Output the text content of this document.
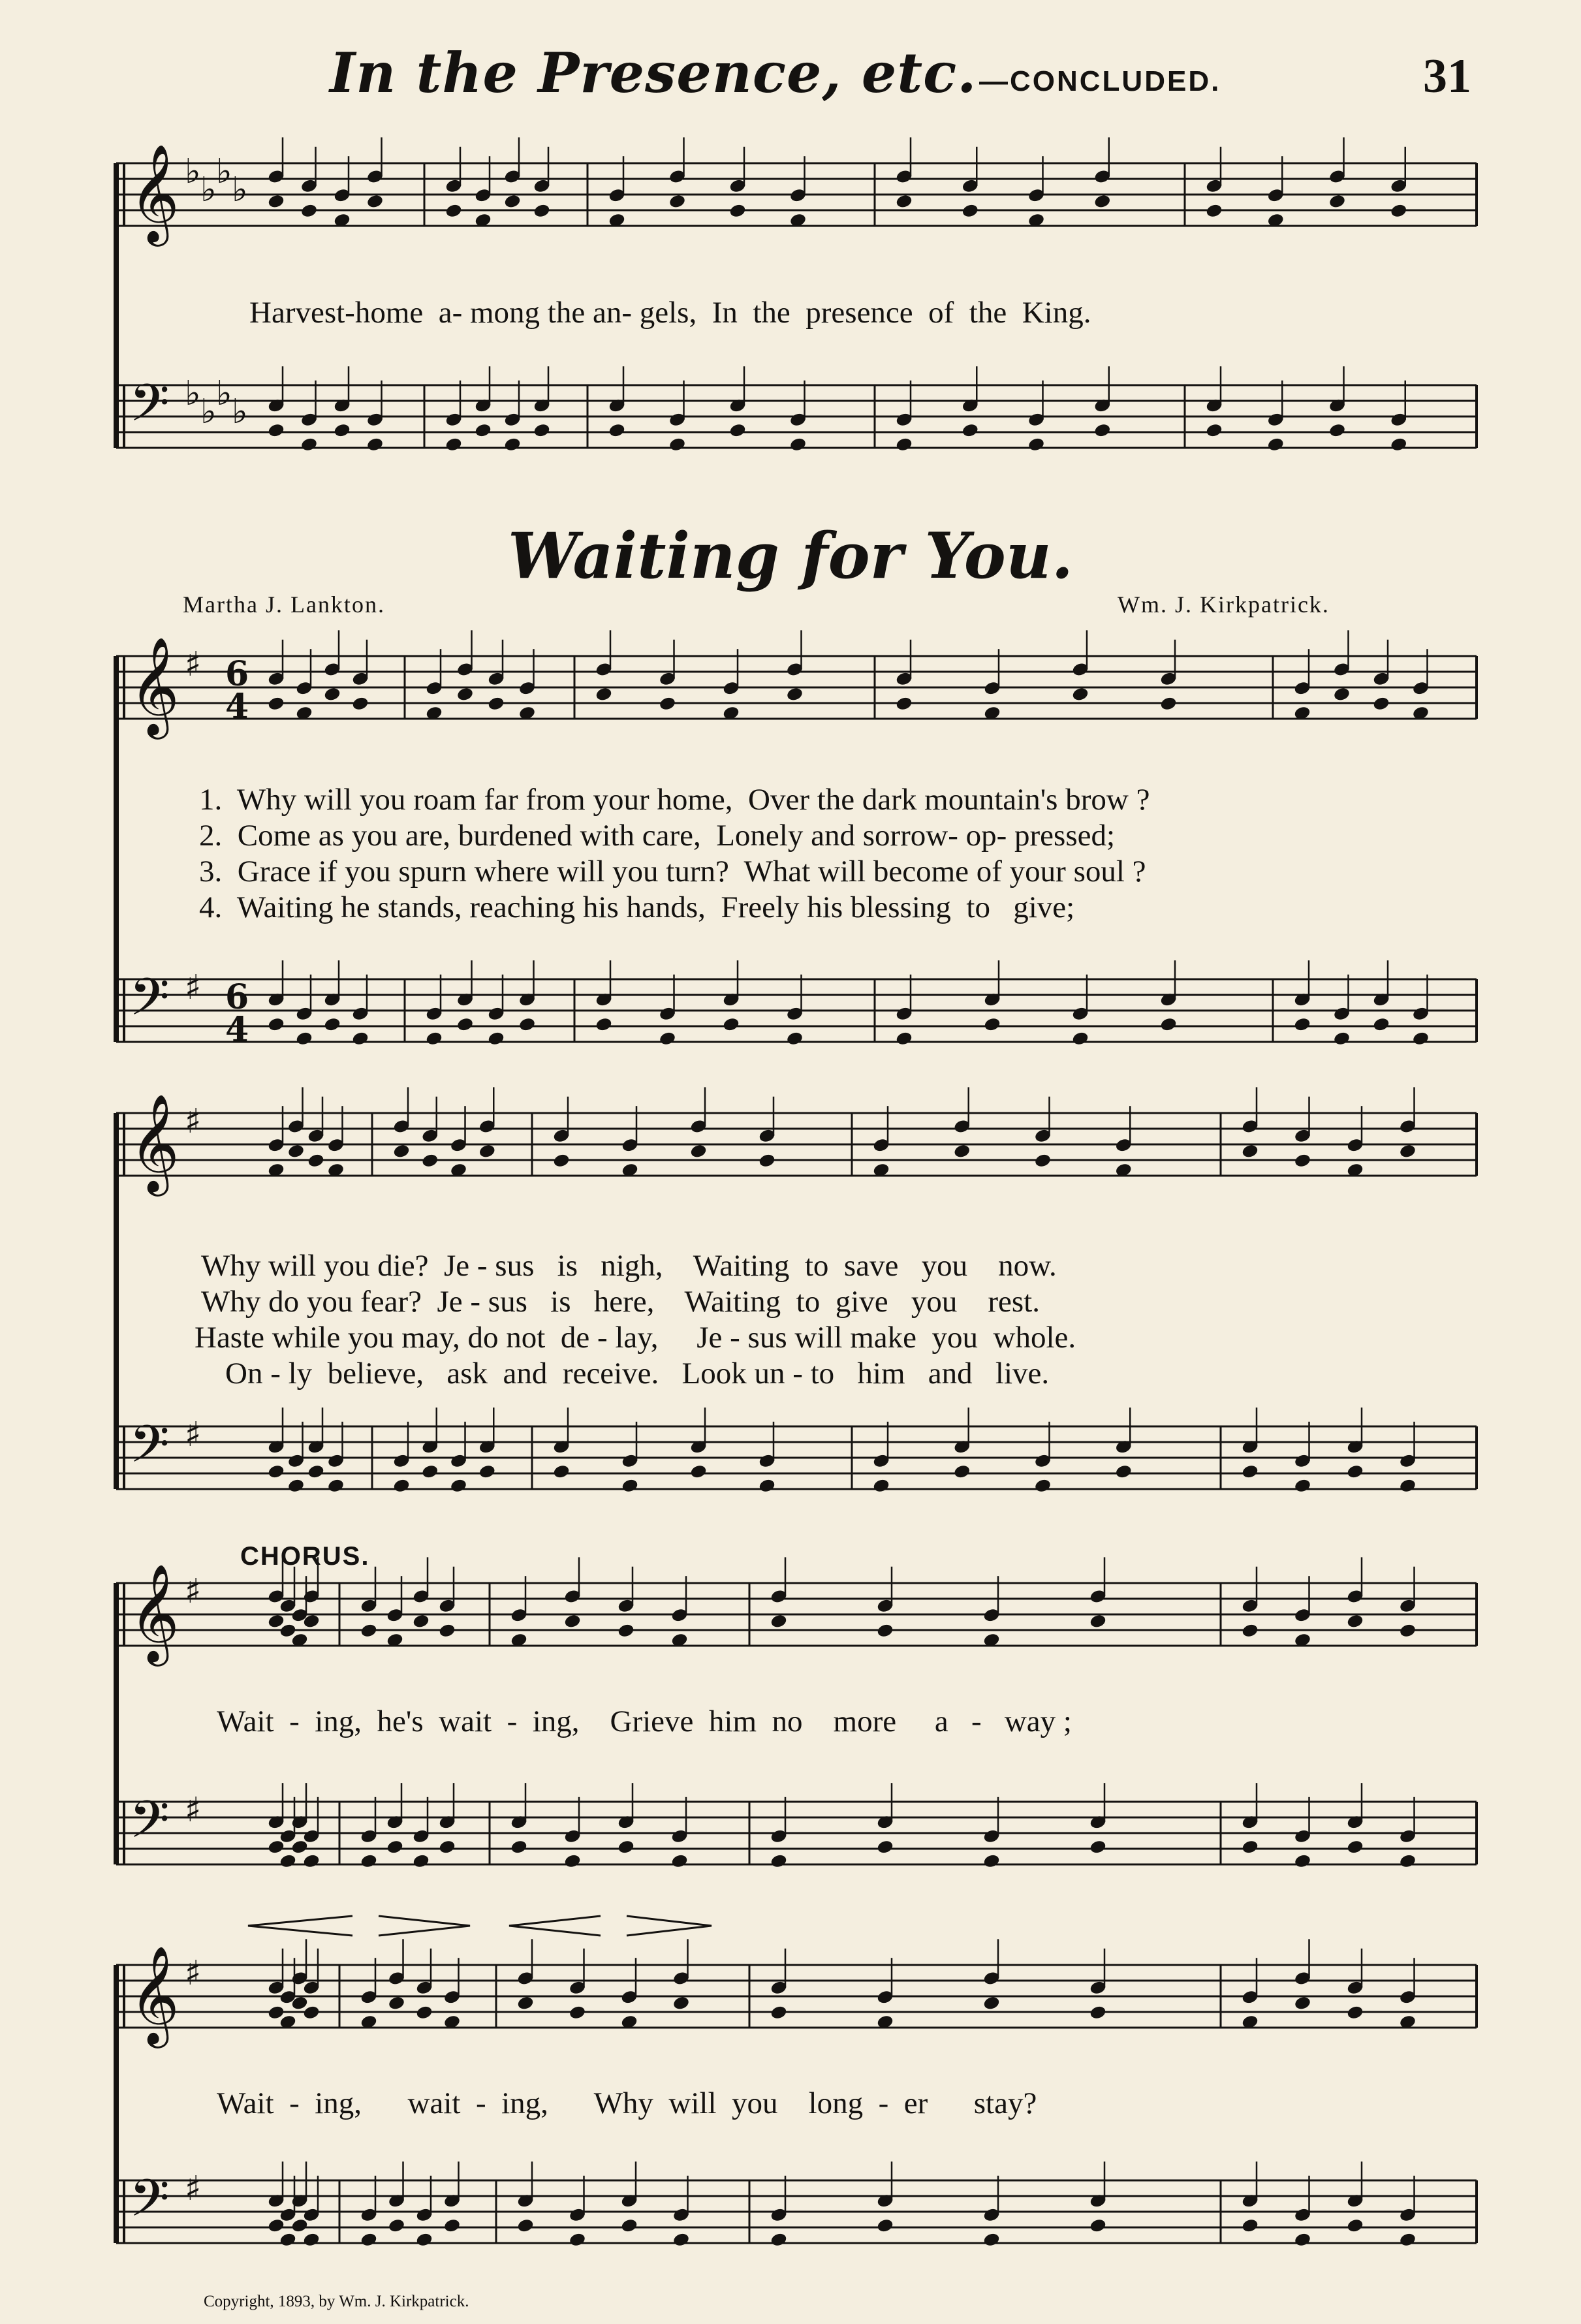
𝄞 ♭ ♭ ♭ ♭
𝄢 ♭ ♭ ♭ ♭
𝄞 ♯
𝄢 ♯
𝄞 ♯
𝄢 ♯
𝄞 ♯
𝄢 ♯
𝄞 ♯
𝄢 ♯
6
4
6
4
In the Presence, etc. —CONCLUDED.	31
Harvest-home  a- mong the an- gels,  In  the  presence  of  the  King.
Waiting for You.
Martha J. Lankton.	Wm. J. Kirkpatrick.
1.  Why will you roam far from your home,  Over the dark mountain's brow ?
2.  Come as you are, burdened with care,  Lonely and sorrow- op- pressed;
3.  Grace if you spurn where will you turn?  What will become of your soul ?
4.  Waiting he stands, reaching his hands,  Freely his blessing  to   give;
Why will you die?  Je - sus   is   nigh,    Waiting  to  save   you    now.
Why do you fear?  Je - sus   is   here,    Waiting  to  give   you    rest.
Haste while you may, do not  de - lay,     Je - sus will make  you  whole.
On - ly  believe,   ask  and  receive.   Look un - to   him   and   live.
CHORUS.
Wait  -  ing,  he's  wait  -  ing,    Grieve  him  no    more     a   -   way ;
Wait  -  ing,      wait  -  ing,      Why  will  you    long  -  er      stay?
Copyright, 1893, by Wm. J. Kirkpatrick.
